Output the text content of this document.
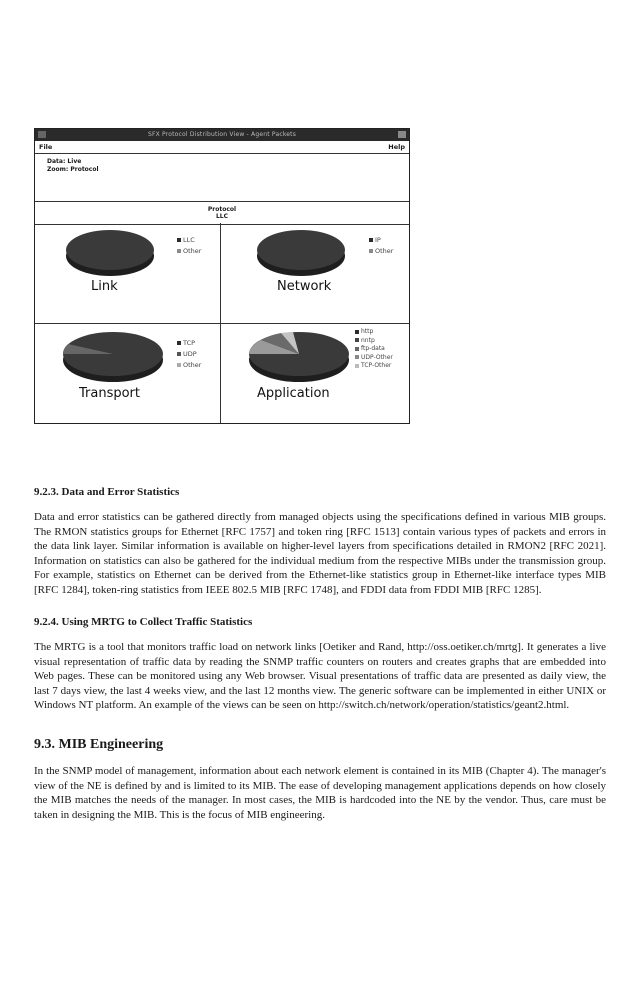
SFX Protocol Distribution View - Agent Packets
File	Help
Data: Live
Zoom: Protocol
Protocol
LLC
LLC
Other
Link
IP
Other
Network
TCP
UDP
Other
Transport
http
nntp
ftp-data
UDP-Other
TCP-Other
Application
9.2.3. Data and Error Statistics

Data and error statistics can be gathered directly from managed objects using the specifications defined in various MIB groups. The RMON statistics groups for Ethernet [RFC 1757] and token ring [RFC 1513] contain various types of packets and errors in the data link layer. Similar information is available on higher-level layers from specifications detailed in RMON2 [RFC 2021]. Information on statistics can also be gathered for the individual medium from the respective MIBs under the transmission group. For example, statistics on Ethernet can be derived from the Ethernet-like statistics group in Ethernet-like interface types MIB [RFC 1284], token-ring statistics from IEEE 802.5 MIB [RFC 1748], and FDDI data from FDDI MIB [RFC 1285].

9.2.4. Using MRTG to Collect Traffic Statistics

The MRTG is a tool that monitors traffic load on network links [Oetiker and Rand, http://oss.oetiker.ch/mrtg]. It generates a live visual representation of traffic data by reading the SNMP traffic counters on routers and creates graphs that are embedded into Web pages. These can be monitored using any Web browser. Visual presentations of traffic data are presented as daily view, the last 7 days view, the last 4 weeks view, and the last 12 months view. The generic software can be implemented in either UNIX or Windows NT platform. An example of the views can be seen on http://switch.ch/network/operation/statistics/geant2.html.

9.3. MIB Engineering

In the SNMP model of management, information about each network element is contained in its MIB (Chapter 4). The manager's view of the NE is defined by and is limited to its MIB. The ease of developing management applications depends on how closely the MIB matches the needs of the manager. In most cases, the MIB is hardcoded into the NE by the vendor. Thus, care must be taken in designing the MIB. This is the focus of MIB engineering.
